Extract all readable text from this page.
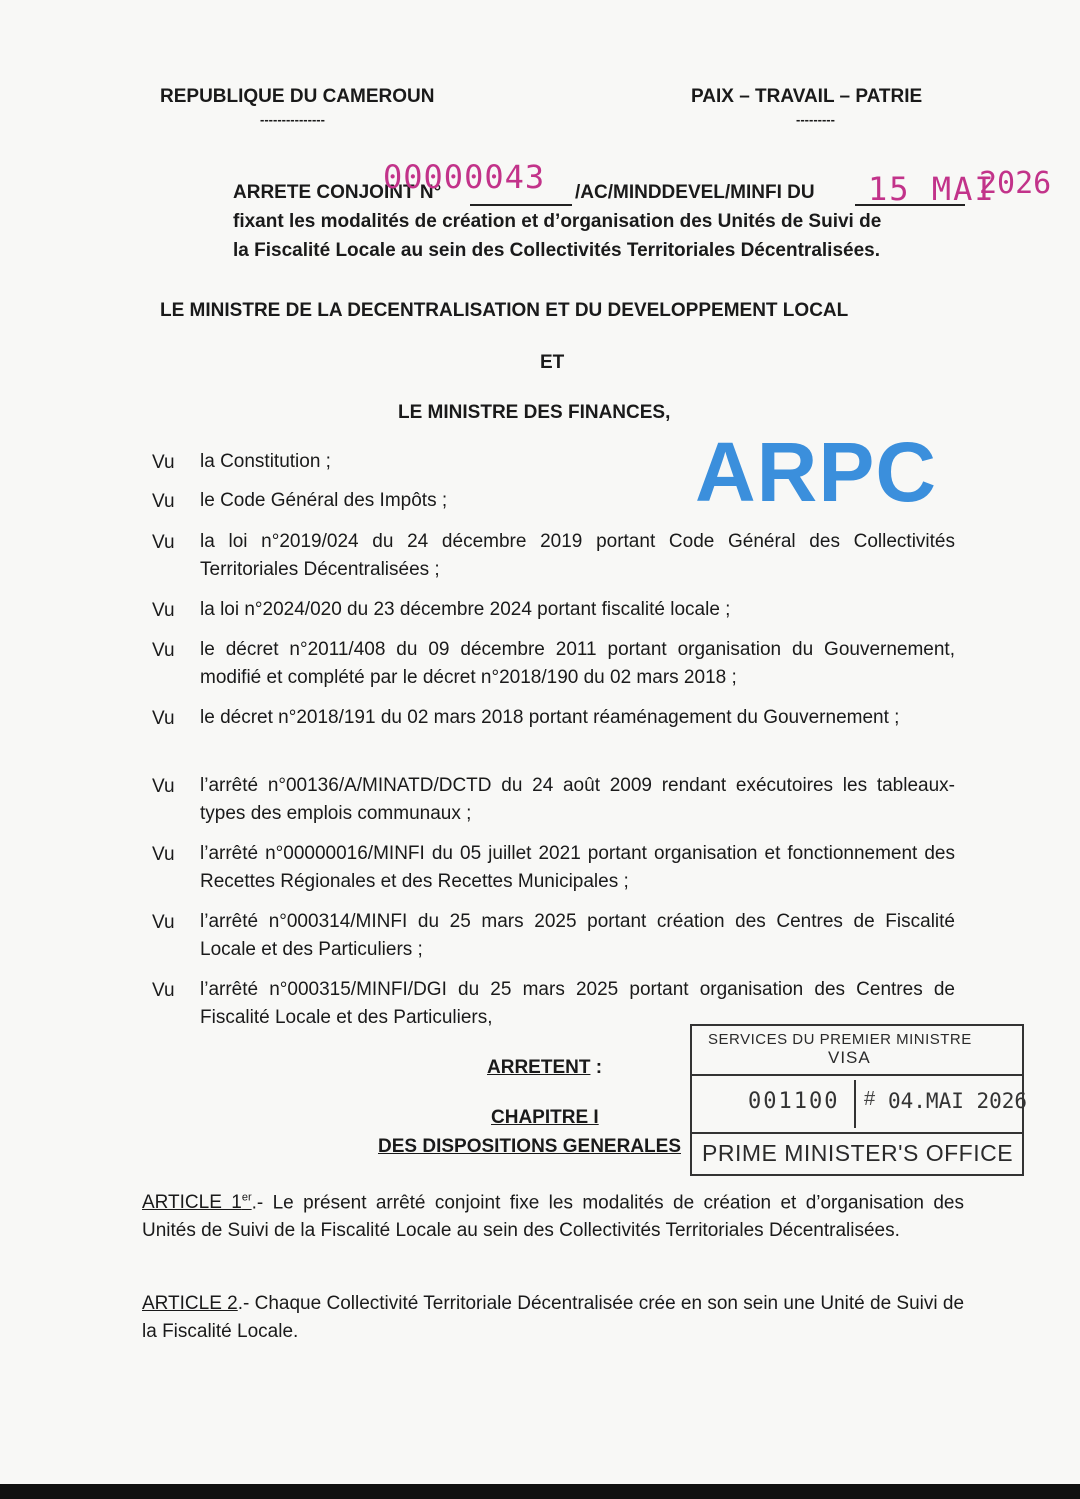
REPUBLIQUE DU CAMEROUN
---------------
PAIX – TRAVAIL – PATRIE
---------
ARRETE CONJOINT N°
00000043 /AC/MINDDEVEL/MINFI DU 15 MAI
2026
fixant les modalités de création et d’organisation des Unités de Suivi de
la Fiscalité Locale au sein des Collectivités Territoriales Décentralisées.
LE MINISTRE DE LA DECENTRALISATION ET DU DEVELOPPEMENT LOCAL
ET
LE MINISTRE DES FINANCES,
ARPC
Vu la Constitution ;
Vu le Code Général des Impôts ;
Vu la loi n°2019/024 du 24 décembre 2019 portant Code Général des Collectivités Territoriales Décentralisées ;
Vu la loi n°2024/020 du 23 décembre 2024 portant fiscalité locale ;
Vu le décret n°2011/408 du 09 décembre 2011 portant organisation du Gouvernement, modifié et complété par le décret n°2018/190 du 02 mars 2018 ;
Vu le décret n°2018/191 du 02 mars 2018 portant réaménagement du Gouvernement ;
Vu l’arrêté n°00136/A/MINATD/DCTD du 24 août 2009 rendant exécutoires les tableaux-types des emplois communaux ;
Vu l’arrêté n°00000016/MINFI du 05 juillet 2021 portant organisation et fonctionnement des Recettes Régionales et des Recettes Municipales ;
Vu l’arrêté n°000314/MINFI du 25 mars 2025 portant création des Centres de Fiscalité Locale et des Particuliers ;
Vu l’arrêté n°000315/MINFI/DGI du 25 mars 2025 portant organisation des Centres de Fiscalité Locale et des Particuliers,
ARRETENT :
CHAPITRE I
DES DISPOSITIONS GENERALES
SERVICES DU PREMIER MINISTRE
VISA
001100 # 04.MAI 2026
PRIME MINISTER'S OFFICE
ARTICLE 1er.- Le présent arrêté conjoint fixe les modalités de création et d’organisation des Unités de Suivi de la Fiscalité Locale au sein des Collectivités Territoriales Décentralisées.
ARTICLE 2.- Chaque Collectivité Territoriale Décentralisée crée en son sein une Unité de Suivi de la Fiscalité Locale.
